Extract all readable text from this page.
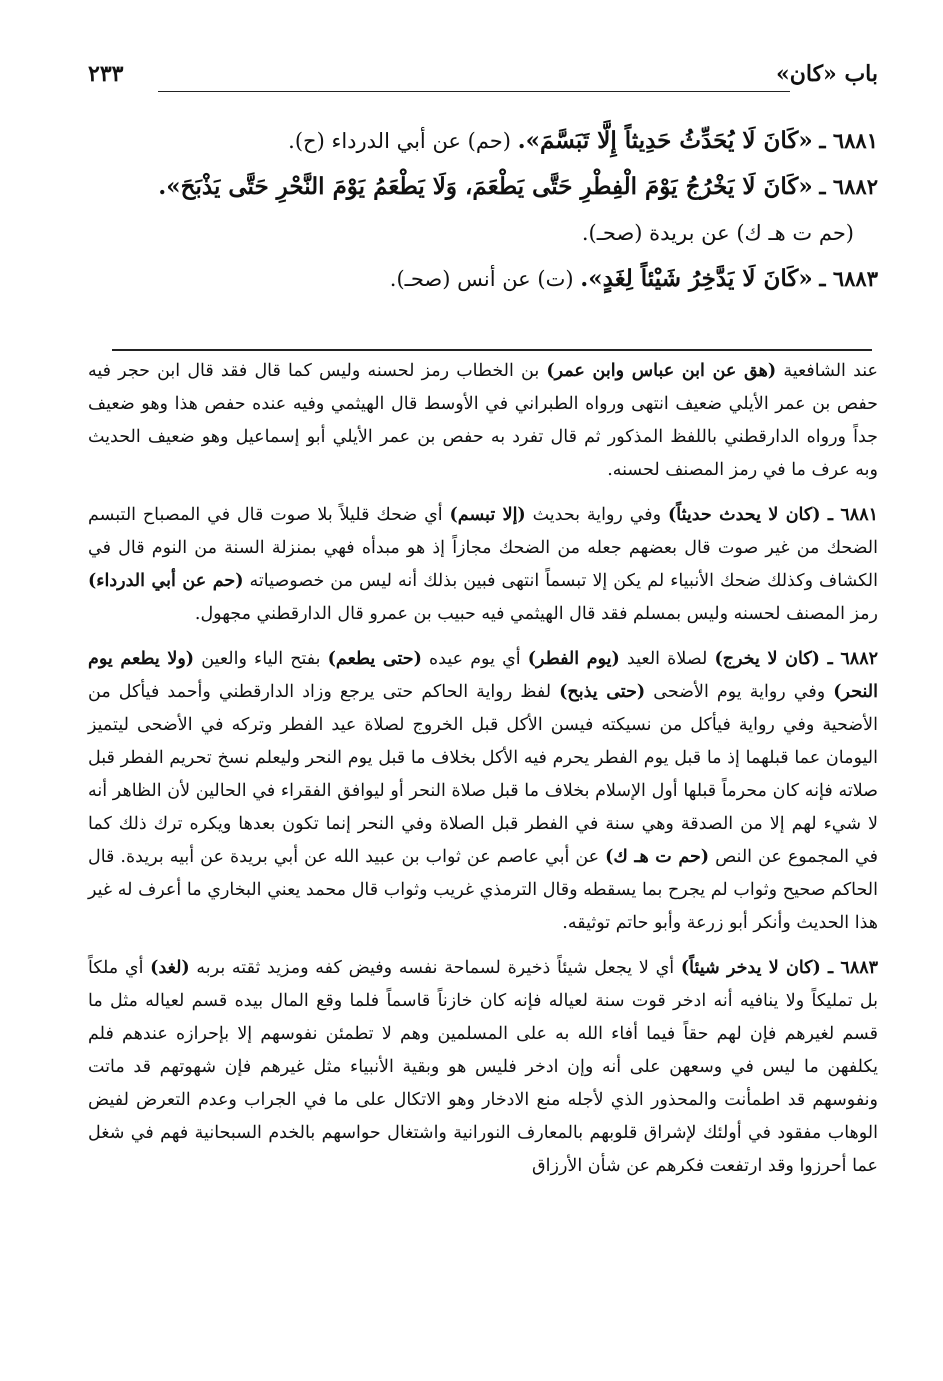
باب «كان»
٢٣٣
٦٨٨١ ـ «كَانَ لَا يُحَدِّثُ حَدِيثاً إِلَّا تَبَسَّمَ». (حم) عن أبي الدرداء (ح).
٦٨٨٢ ـ «كَانَ لَا يَخْرُجُ يَوْمَ الْفِطْرِ حَتَّى يَطْعَمَ، وَلَا يَطْعَمُ يَوْمَ النَّحْرِ حَتَّى يَذْبَحَ».
(حم ت هـ ك) عن بريدة (صحـ).
٦٨٨٣ ـ «كَانَ لَا يَدَّخِرُ شَيْئاً لِغَدٍ». (ت) عن أنس (صحـ).

عند الشافعية (هق عن ابن عباس وابن عمر) بن الخطاب رمز لحسنه وليس كما قال فقد قال ابن حجر فيه حفص بن عمر الأيلي ضعيف انتهى ورواه الطبراني في الأوسط قال الهيثمي وفيه عنده حفص هذا وهو ضعيف جداً ورواه الدارقطني باللفظ المذكور ثم قال تفرد به حفص بن عمر الأيلي أبو إسماعيل وهو ضعيف الحديث وبه عرف ما في رمز المصنف لحسنه.

٦٨٨١ ـ (كان لا يحدث حديثاً) وفي رواية بحديث (إلا تبسم) أي ضحك قليلاً بلا صوت قال في المصباح التبسم الضحك من غير صوت قال بعضهم جعله من الضحك مجازاً إذ هو مبدأه فهي بمنزلة السنة من النوم قال في الكشاف وكذلك ضحك الأنبياء لم يكن إلا تبسماً انتهى فبين بذلك أنه ليس من خصوصياته (حم عن أبي الدرداء) رمز المصنف لحسنه وليس بمسلم فقد قال الهيثمي فيه حبيب بن عمرو قال الدارقطني مجهول.

٦٨٨٢ ـ (كان لا يخرج) لصلاة العيد (يوم الفطر) أي يوم عيده (حتى يطعم) بفتح الياء والعين (ولا يطعم يوم النحر) وفي رواية يوم الأضحى (حتى يذبح) لفظ رواية الحاكم حتى يرجع وزاد الدارقطني وأحمد فيأكل من الأضحية وفي رواية فيأكل من نسيكته فيسن الأكل قبل الخروج لصلاة عيد الفطر وتركه في الأضحى ليتميز اليومان عما قبلهما إذ ما قبل يوم الفطر يحرم فيه الأكل بخلاف ما قبل يوم النحر وليعلم نسخ تحريم الفطر قبل صلاته فإنه كان محرماً قبلها أول الإسلام بخلاف ما قبل صلاة النحر أو ليوافق الفقراء في الحالين لأن الظاهر أنه لا شيء لهم إلا من الصدقة وهي سنة في الفطر قبل الصلاة وفي النحر إنما تكون بعدها ويكره ترك ذلك كما في المجموع عن النص (حم ت هـ ك) عن أبي عاصم عن ثواب بن عبيد الله عن أبي بريدة عن أبيه بريدة. قال الحاكم صحيح وثواب لم يجرح بما يسقطه وقال الترمذي غريب وثواب قال محمد يعني البخاري ما أعرف له غير هذا الحديث وأنكر أبو زرعة وأبو حاتم توثيقه.

٦٨٨٣ ـ (كان لا يدخر شيئاً) أي لا يجعل شيئاً ذخيرة لسماحة نفسه وفيض كفه ومزيد ثقته بربه (لغد) أي ملكاً بل تمليكاً ولا ينافيه أنه ادخر قوت سنة لعياله فإنه كان خازناً قاسماً فلما وقع المال بيده قسم لعياله مثل ما قسم لغيرهم فإن لهم حقاً فيما أفاء الله به على المسلمين وهم لا تطمئن نفوسهم إلا بإحرازه عندهم فلم يكلفهن ما ليس في وسعهن على أنه وإن ادخر فليس هو وبقية الأنبياء مثل غيرهم فإن شهوتهم قد ماتت ونفوسهم قد اطمأنت والمحذور الذي لأجله منع الادخار وهو الاتكال على ما في الجراب وعدم التعرض لفيض الوهاب مفقود في أولئك لإشراق قلوبهم بالمعارف النورانية واشتغال حواسهم بالخدم السبحانية فهم في شغل عما أحرزوا وقد ارتفعت فكرهم عن شأن الأرزاق
